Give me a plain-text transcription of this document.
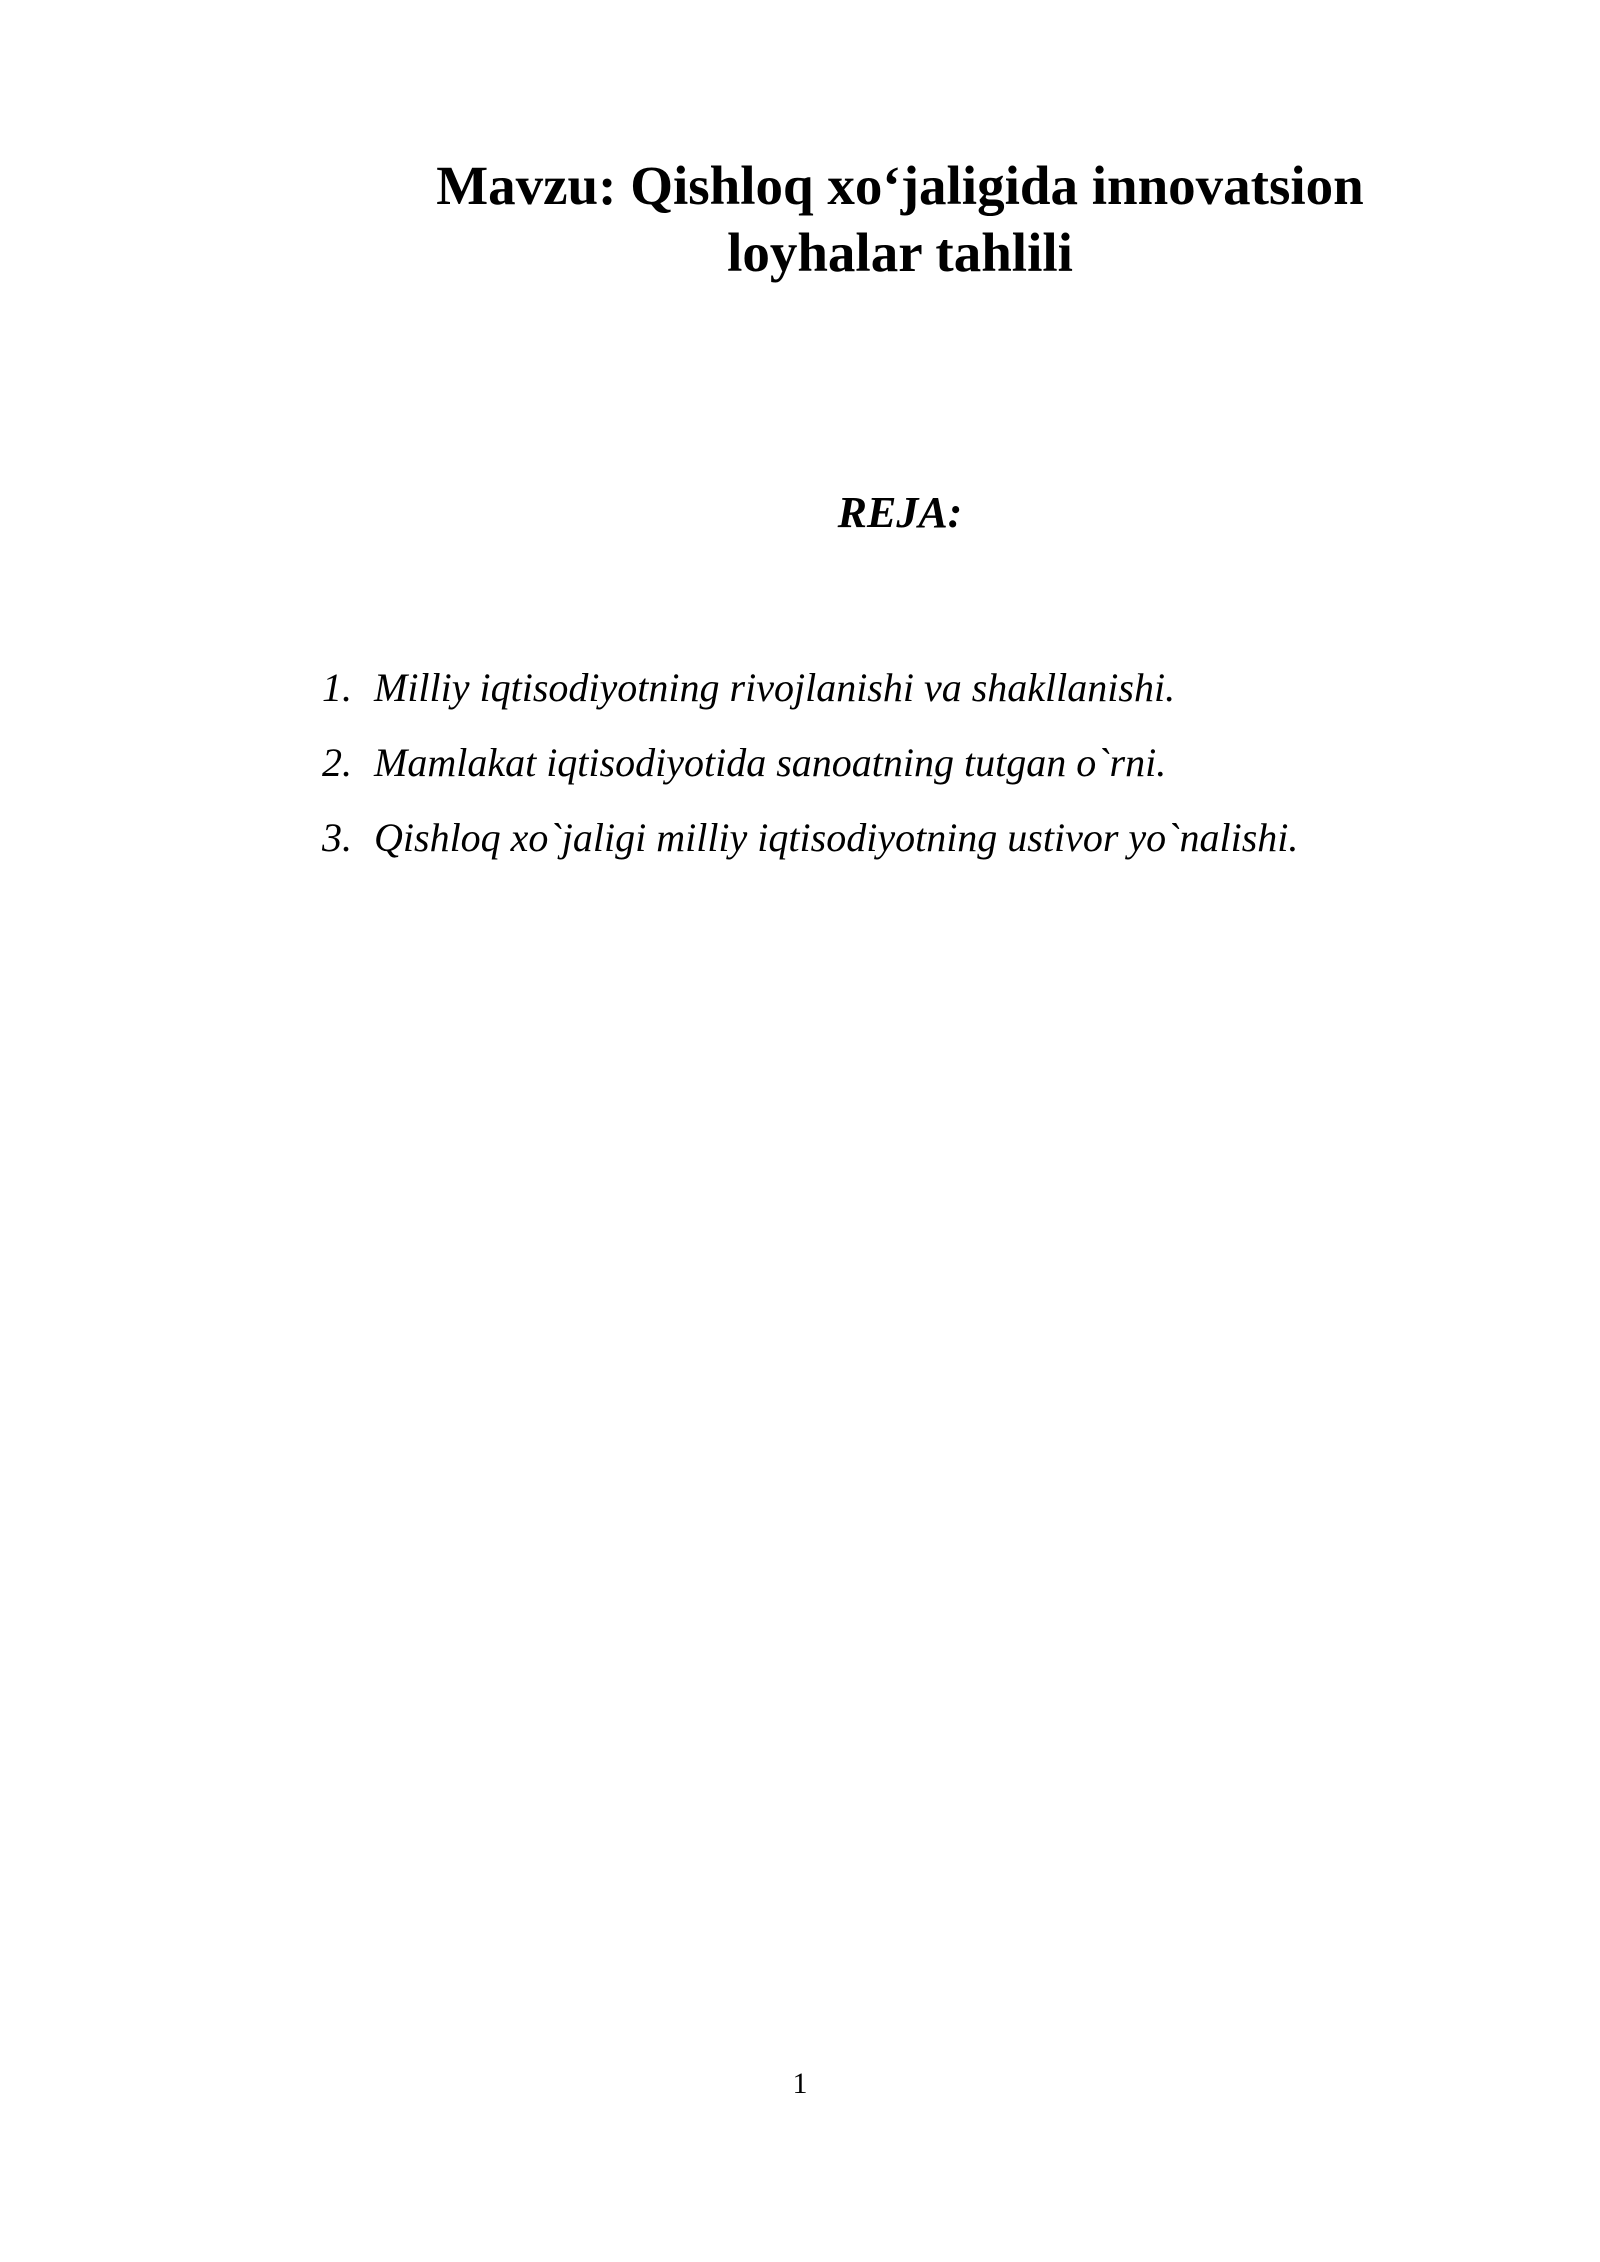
Mavzu: Qishloq xo‘jaligida innovatsion
loyhalar tahlili
REJA:
1. Milliy iqtisodiyotning rivojlanishi va shakllanishi.
2. Mamlakat iqtisodiyotida sanoatning tutgan o`rni.
3. Qishloq xo`jaligi milliy iqtisodiyotning ustivor yo`nalishi.
1
